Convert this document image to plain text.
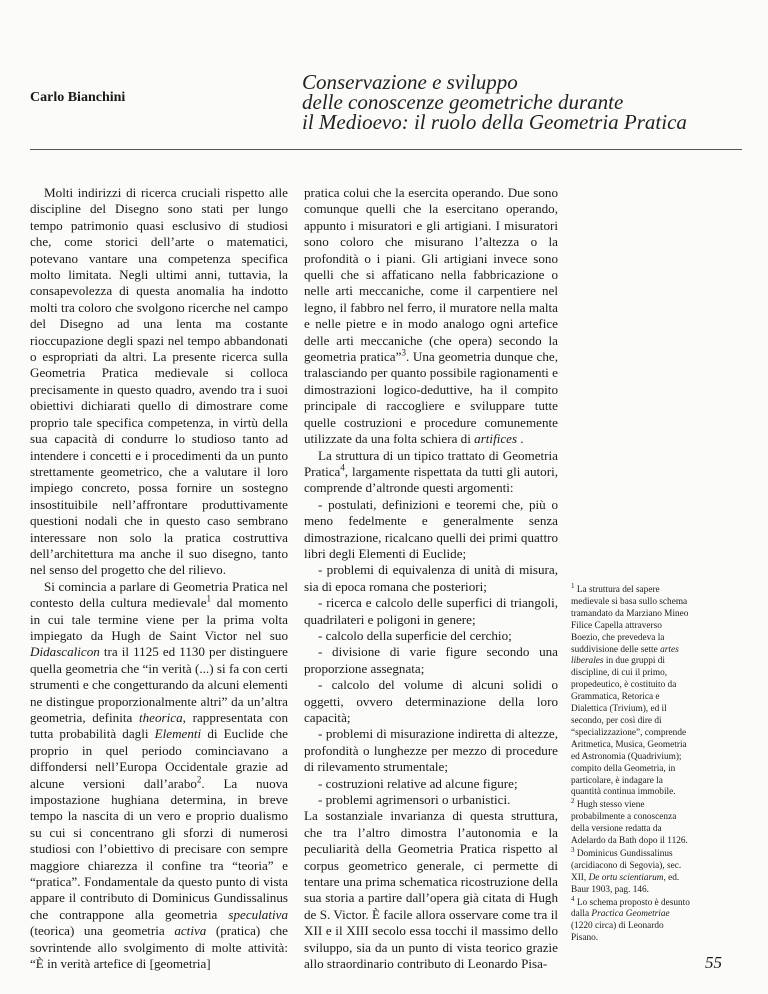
Carlo Bianchini
Conservazione e sviluppo
delle conoscenze geometriche durante
il Medioevo: il ruolo della Geometria Pratica

Molti indirizzi di ricerca cruciali rispetto alle discipline del Disegno sono stati per lungo tempo patrimonio quasi esclusivo di studiosi che, come storici dell’arte o matematici, potevano vantare una competenza specifica molto limitata. Negli ultimi anni, tuttavia, la consapevolezza di questa anomalia ha indotto molti tra coloro che svolgono ricerche nel campo del Disegno ad una lenta ma costante rioccupazione degli spazi nel tempo abbandonati o espropriati da altri. La presente ricerca sulla Geometria Pratica medievale si colloca precisamente in questo quadro, avendo tra i suoi obiettivi dichiarati quello di dimostrare come proprio tale specifica competenza, in virtù della sua capacità di condurre lo studioso tanto ad intendere i concetti e i procedimenti da un punto strettamente geometrico, che a valutare il loro impiego concreto, possa fornire un sostegno insostituibile nell’affrontare produttivamente questioni nodali che in questo caso sembrano interessare non solo la pratica costruttiva dell’architettura ma anche il suo disegno, tanto nel senso del progetto che del rilievo.

Si comincia a parlare di Geometria Pratica nel contesto della cultura medievale$^1$ dal momento in cui tale termine viene per la prima volta impiegato da Hugh de Saint Victor nel suo Didascalicon tra il 1125 ed 1130 per distinguere quella geometria che “in verità (...) si fa con certi strumenti e che congetturando da alcuni elementi ne distingue proporzionalmente altri” da un’altra geometria, definita theorica, rappresentata con tutta probabilità dagli Elementi di Euclide che proprio in quel periodo cominciavano a diffondersi nell’Europa Occidentale grazie ad alcune versioni dall’arabo$^2$. La nuova impostazione hughiana determina, in breve tempo la nascita di un vero e proprio dualismo su cui si concentrano gli sforzi di numerosi studiosi con l’obiettivo di precisare con sempre maggiore chiarezza il confine tra “teoria” e “pratica”. Fondamentale da questo punto di vista appare il contributo di Dominicus Gundissalinus che contrappone alla geometria speculativa (teorica) una geometria activa (pratica) che sovrintende allo svolgimento di molte attività: “È in verità artefice di [geometria]

pratica colui che la esercita operando. Due sono comunque quelli che la esercitano operando, appunto i misuratori e gli artigiani. I misuratori sono coloro che misurano l’altezza o la profondità o i piani. Gli artigiani invece sono quelli che si affaticano nella fabbricazione o nelle arti meccaniche, come il carpentiere nel legno, il fabbro nel ferro, il muratore nella malta e nelle pietre e in modo analogo ogni artefice delle arti meccaniche (che opera) secondo la geometria pratica”$^3$. Una geometria dunque che, tralasciando per quanto possibile ragionamenti e dimostrazioni logico-deduttive, ha il compito principale di raccogliere e sviluppare tutte quelle costruzioni e procedure comunemente utilizzate da una folta schiera di artifices .

La struttura di un tipico trattato di Geometria Pratica$^4$, largamente rispettata da tutti gli autori, comprende d’altronde questi argomenti:

- postulati, definizioni e teoremi che, più o meno fedelmente e generalmente senza dimostrazione, ricalcano quelli dei primi quattro libri degli Elementi di Euclide;

- problemi di equivalenza di unità di misura, sia di epoca romana che posteriori;

- ricerca e calcolo delle superfici di triangoli, quadrilateri e poligoni in genere;

- calcolo della superficie del cerchio;

- divisione di varie figure secondo una proporzione assegnata;

- calcolo del volume di alcuni solidi o oggetti, ovvero determinazione della loro capacità;

- problemi di misurazione indiretta di altezze, profondità o lunghezze per mezzo di procedure di rilevamento strumentale;

- costruzioni relative ad alcune figure;

- problemi agrimensori o urbanistici.

La sostanziale invarianza di questa struttura, che tra l’altro dimostra l’autonomia e la peculiarità della Geometria Pratica rispetto al corpus geometrico generale, ci permette di tentare una prima schematica ricostruzione della sua storia a partire dall’opera già citata di Hugh de S. Victor. È facile allora osservare come tra il XII e il XIII secolo essa tocchi il massimo dello sviluppo, sia da un punto di vista teorico grazie allo straordinario contributo di Leonardo Pisa-

$^1$ La struttura del sapere medievale si basa sullo schema tramandato da Marziano Mineo Filice Capella attraverso Boezio, che prevedeva la suddivisione delle sette artes liberales in due gruppi di discipline, di cui il primo, propedeutico, è costituito da Grammatica, Retorica e Dialettica (Trivium), ed il secondo, per così dire di “specializzazione”, comprende Aritmetica, Musica, Geometria ed Astronomia (Quadrivium); compito della Geometria, in particolare, è indagare la quantità continua immobile.

$^2$ Hugh stesso viene probabilmente a conoscenza della versione redatta da Adelardo da Bath dopo il 1126.

$^3$ Dominicus Gundissalinus (arcidiacono di Segovia), sec. XII, De ortu scientiarum, ed. Baur 1903, pag. 146.

$^4$ Lo schema proposto è desunto dalla Practica Geometriae (1220 circa) di Leonardo Pisano.

55
